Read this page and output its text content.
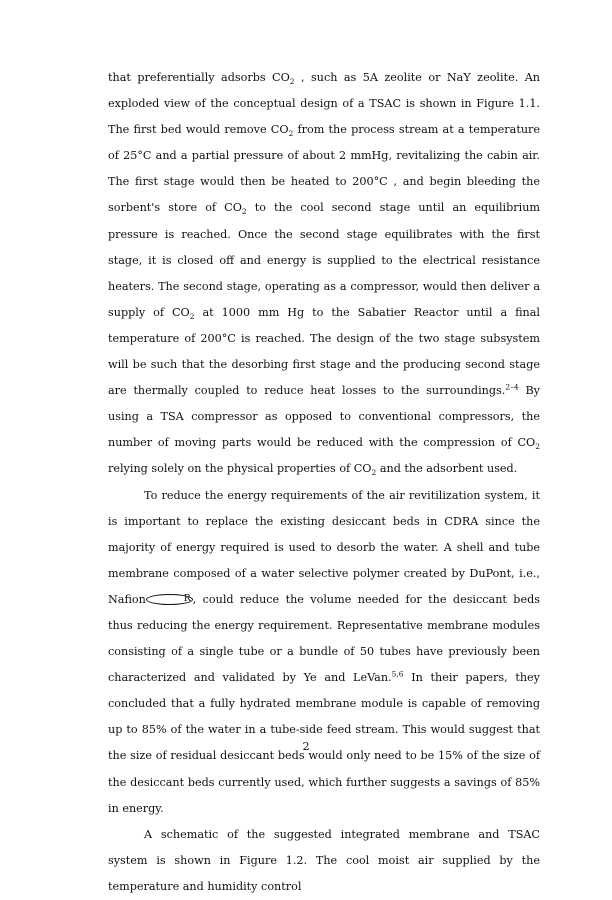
that preferentially adsorbs $CO_2$ , such as 5A zeolite or NaY zeolite. An exploded view of the conceptual design of a TSAC is shown in Figure 1.1. The first bed would remove $CO_2$ from the process stream at a temperature of 25°C and a partial pressure of about 2 mmHg, revitalizing the cabin air. The first stage would then be heated to 200°C , and begin bleeding the sorbent's store of $CO_2$ to the cool second stage until an equilibrium pressure is reached. Once the second stage equilibrates with the first stage, it is closed off and energy is supplied to the electrical resistance heaters. The second stage, operating as a compressor, would then deliver a supply of $CO_2$ at 1000 mm Hg to the Sabatier Reactor until a final temperature of 200°C is reached. The design of the two stage subsystem will be such that the desorbing first stage and the producing second stage are thermally coupled to reduce heat losses to the surroundings.$^{2-4}$ By using a TSA compressor as opposed to conventional compressors, the number of moving parts would be reduced with the compression of $CO_2$ relying solely on the physical properties of $CO_2$ and the adsorbent used.

To reduce the energy requirements of the air revitilization system, it is important to replace the existing desiccant beds in CDRA since the majority of energy required is used to desorb the water. A shell and tube membrane composed of a water selective polymer created by DuPont, i.e., Nafion	$^R$ , could reduce the volume needed for the desiccant beds thus reducing the energy requirement. Representative membrane modules consisting of a single tube or a bundle of 50 tubes have previously been characterized and validated by Ye and LeVan.$^{5,6}$ In their papers, they concluded that a fully hydrated membrane module is capable of removing up to 85% of the water in a tube-side feed stream. This would suggest that the size of residual desiccant beds would only need to be 15% of the size of the desiccant beds currently used, which further suggests a savings of 85% in energy.

A schematic of the suggested integrated membrane and TSAC system is shown in Figure 1.2. The cool moist air supplied by the temperature and humidity control

2
